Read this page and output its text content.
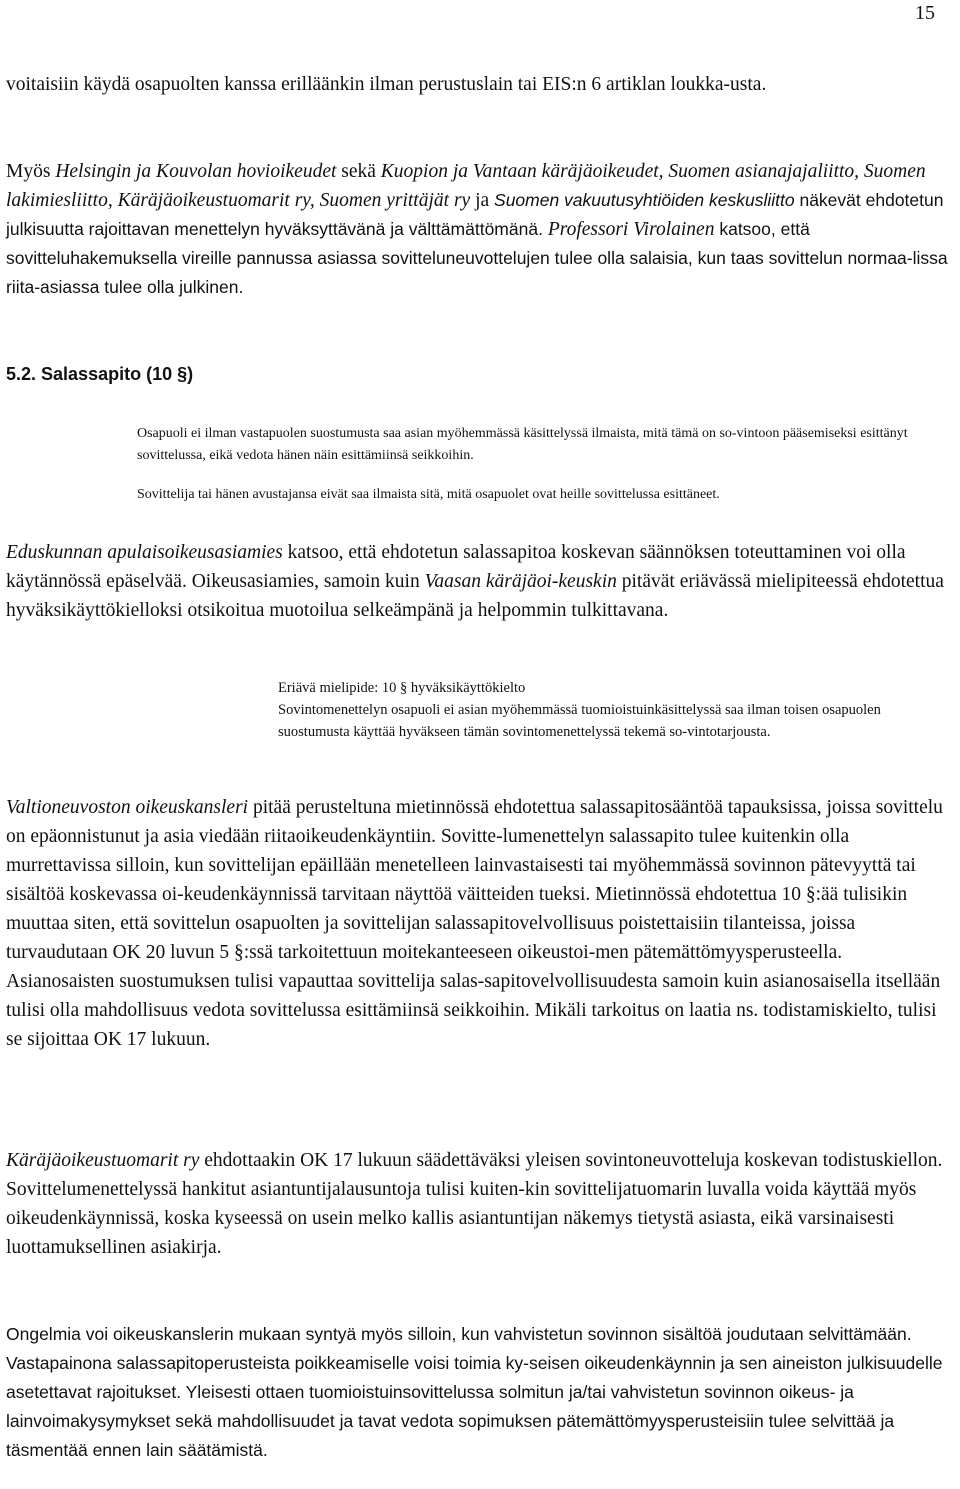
15

voitaisiin käydä osapuolten kanssa erilläänkin ilman perustuslain tai EIS:n 6 artiklan loukka-usta.

Myös Helsingin ja Kouvolan hovioikeudet sekä Kuopion ja Vantaan käräjäoikeudet, Suomen asianajajaliitto, Suomen lakimiesliitto, Käräjäoikeustuomarit ry, Suomen yrittäjät ry ja Suomen vakuutusyhtiöiden keskusliitto näkevät ehdotetun julkisuutta rajoittavan menettelyn hyväksyttävänä ja välttämättömänä. Professori Virolainen katsoo, että sovitteluhakemuksella vireille pannussa asiassa sovitteluneuvottelujen tulee olla salaisia, kun taas sovittelun normaa-lissa riita-asiassa tulee olla julkinen.

5.2. Salassapito (10 §)

Osapuoli ei ilman vastapuolen suostumusta saa asian myöhemmässä käsittelyssä ilmaista, mitä tämä on so-vintoon pääsemiseksi esittänyt sovittelussa, eikä vedota hänen näin esittämiinsä seikkoihin.

Sovittelija tai hänen avustajansa eivät saa ilmaista sitä, mitä osapuolet ovat heille sovittelussa esittäneet.

Eduskunnan apulaisoikeusasiamies katsoo, että ehdotetun salassapitoa koskevan säännöksen toteuttaminen voi olla käytännössä epäselvää. Oikeusasiamies, samoin kuin Vaasan käräjäoi-keuskin pitävät eriävässä mielipiteessä ehdotettua hyväksikäyttökielloksi otsikoitua muotoilua selkeämpänä ja helpommin tulkittavana.

Eriävä mielipide: 10 § hyväksikäyttökielto
Sovintomenettelyn osapuoli ei asian myöhemmässä tuomioistuinkäsittelyssä saa ilman toisen osapuolen suostumusta käyttää hyväkseen tämän sovintomenettelyssä tekemä so-vintotarjousta.

Valtioneuvoston oikeuskansleri pitää perusteltuna mietinnössä ehdotettua salassapitosääntöä tapauksissa, joissa sovittelu on epäonnistunut ja asia viedään riitaoikeudenkäyntiin. Sovitte-lumenettelyn salassapito tulee kuitenkin olla murrettavissa silloin, kun sovittelijan epäillään menetelleen lainvastaisesti tai myöhemmässä sovinnon pätevyyttä tai sisältöä koskevassa oi-keudenkäynnissä tarvitaan näyttöä väitteiden tueksi. Mietinnössä ehdotettua 10 §:ää tulisikin muuttaa siten, että sovittelun osapuolten ja sovittelijan salassapitovelvollisuus poistettaisiin tilanteissa, joissa turvaudutaan OK 20 luvun 5 §:ssä tarkoitettuun moitekanteeseen oikeustoi-men pätemättömyysperusteella. Asianosaisten suostumuksen tulisi vapauttaa sovittelija salas-sapitovelvollisuudesta samoin kuin asianosaisella itsellään tulisi olla mahdollisuus vedota sovittelussa esittämiinsä seikkoihin. Mikäli tarkoitus on laatia ns. todistamiskielto, tulisi se sijoittaa OK 17 lukuun.

Käräjäoikeustuomarit ry ehdottaakin OK 17 lukuun säädettäväksi yleisen sovintoneuvotteluja koskevan todistuskiellon. Sovittelumenettelyssä hankitut asiantuntijalausuntoja tulisi kuiten-kin sovittelijatuomarin luvalla voida käyttää myös oikeudenkäynnissä, koska kyseessä on usein melko kallis asiantuntijan näkemys tietystä asiasta, eikä varsinaisesti luottamuksellinen asiakirja.

Ongelmia voi oikeuskanslerin mukaan syntyä myös silloin, kun vahvistetun sovinnon sisältöä joudutaan selvittämään. Vastapainona salassapitoperusteista poikkeamiselle voisi toimia ky-seisen oikeudenkäynnin ja sen aineiston julkisuudelle asetettavat rajoitukset. Yleisesti ottaen tuomioistuinsovittelussa solmitun ja/tai vahvistetun sovinnon oikeus- ja lainvoimakysymykset sekä mahdollisuudet ja tavat vedota sopimuksen pätemättömyysperusteisiin tulee selvittää ja täsmentää ennen lain säätämistä.
